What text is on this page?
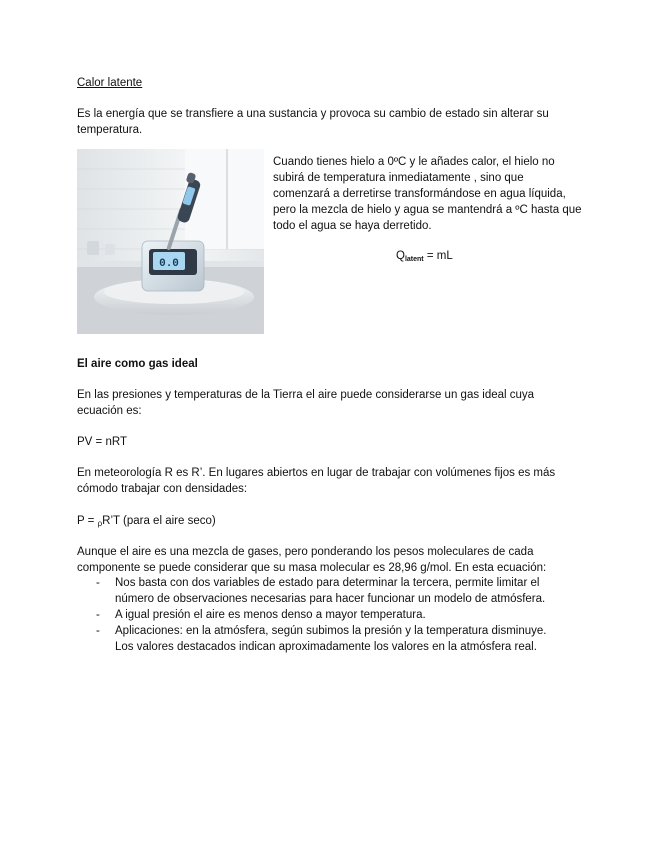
Calor latente
Es la energía que se transfiere a una sustancia y provoca su cambio de estado sin alterar su temperatura.
0.0
Cuando tienes hielo a 0ºC y le añades calor, el hielo no subirá de temperatura inmediatamente , sino que comenzará a derretirse transformándose en agua líquida, pero la mezcla de hielo y agua se mantendrá a ºC hasta que todo el agua se haya derretido.
Qlatent = mL
El aire como gas ideal
En las presiones y temperaturas de la Tierra el aire puede considerarse un gas ideal cuya ecuación es:
PV = nRT
En meteorología R es R’. En lugares abiertos en lugar de trabajar con volúmenes fijos es más cómodo trabajar con densidades:
P = ρR’T (para el aire seco)
Aunque el aire es una mezcla de gases, pero ponderando los pesos moleculares de cada componente se puede considerar que su masa molecular es 28,96 g/mol. En esta ecuación:
- Nos basta con dos variables de estado para determinar la tercera, permite limitar el número de observaciones necesarias para hacer funcionar un modelo de atmósfera.
- A igual presión el aire es menos denso a mayor temperatura.
- Aplicaciones: en la atmósfera, según subimos la presión y la temperatura disminuye. Los valores destacados indican aproximadamente los valores en la atmósfera real.
